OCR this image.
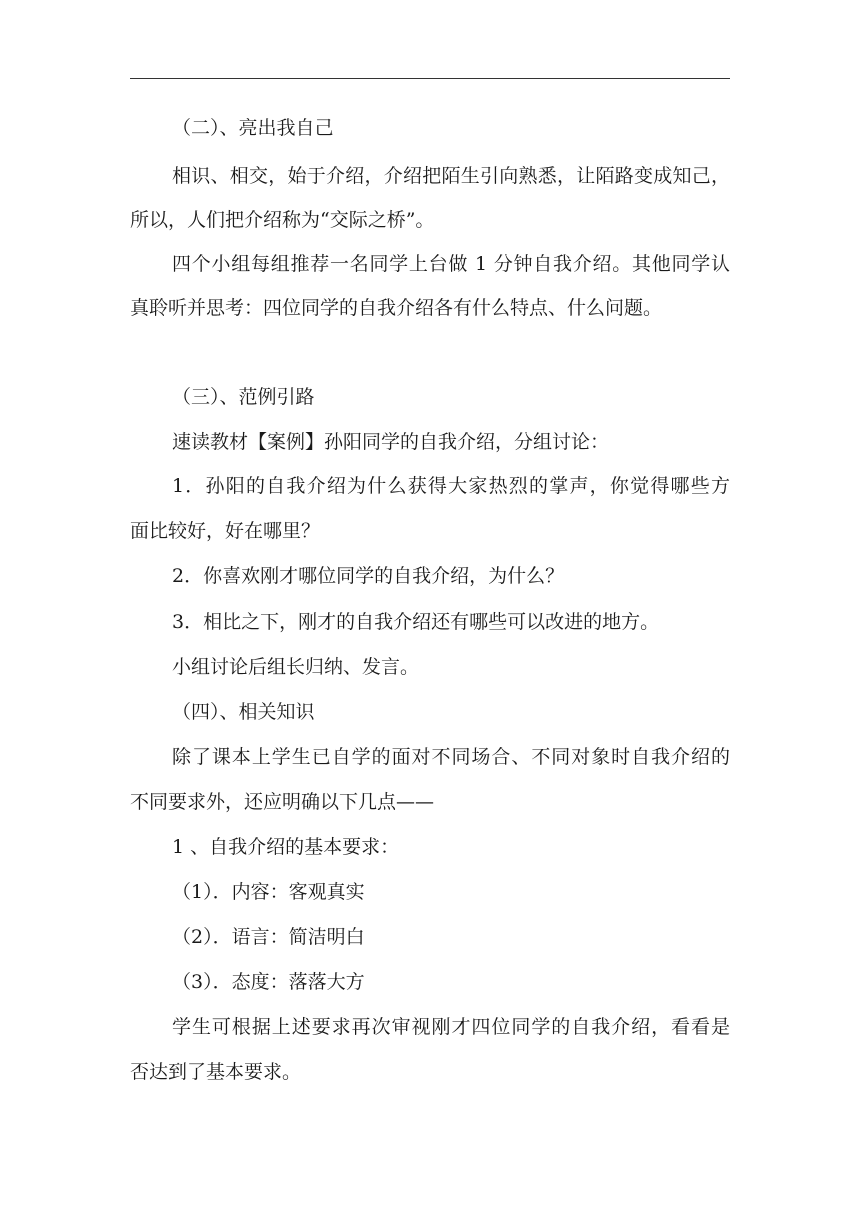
（二）、亮出我自己
相识、相交，始于介绍，介绍把陌生引向熟悉，让陌路变成知己，
所以，人们把介绍称为“交际之桥”。
四个小组每组推荐一名同学上台做 1 分钟自我介绍。其他同学认
真聆听并思考：四位同学的自我介绍各有什么特点、什么问题。
（三）、范例引路
速读教材【案例】孙阳同学的自我介绍，分组讨论：
1．孙阳的自我介绍为什么获得大家热烈的掌声，你觉得哪些方
面比较好，好在哪里？
2．你喜欢刚才哪位同学的自我介绍，为什么？
3．相比之下，刚才的自我介绍还有哪些可以改进的地方。
小组讨论后组长归纳、发言。
（四）、相关知识
除了课本上学生已自学的面对不同场合、不同对象时自我介绍的
不同要求外，还应明确以下几点——
1 、自我介绍的基本要求：
（1）．内容：客观真实
（2）．语言：简洁明白
（3）．态度：落落大方
学生可根据上述要求再次审视刚才四位同学的自我介绍，看看是
否达到了基本要求。
